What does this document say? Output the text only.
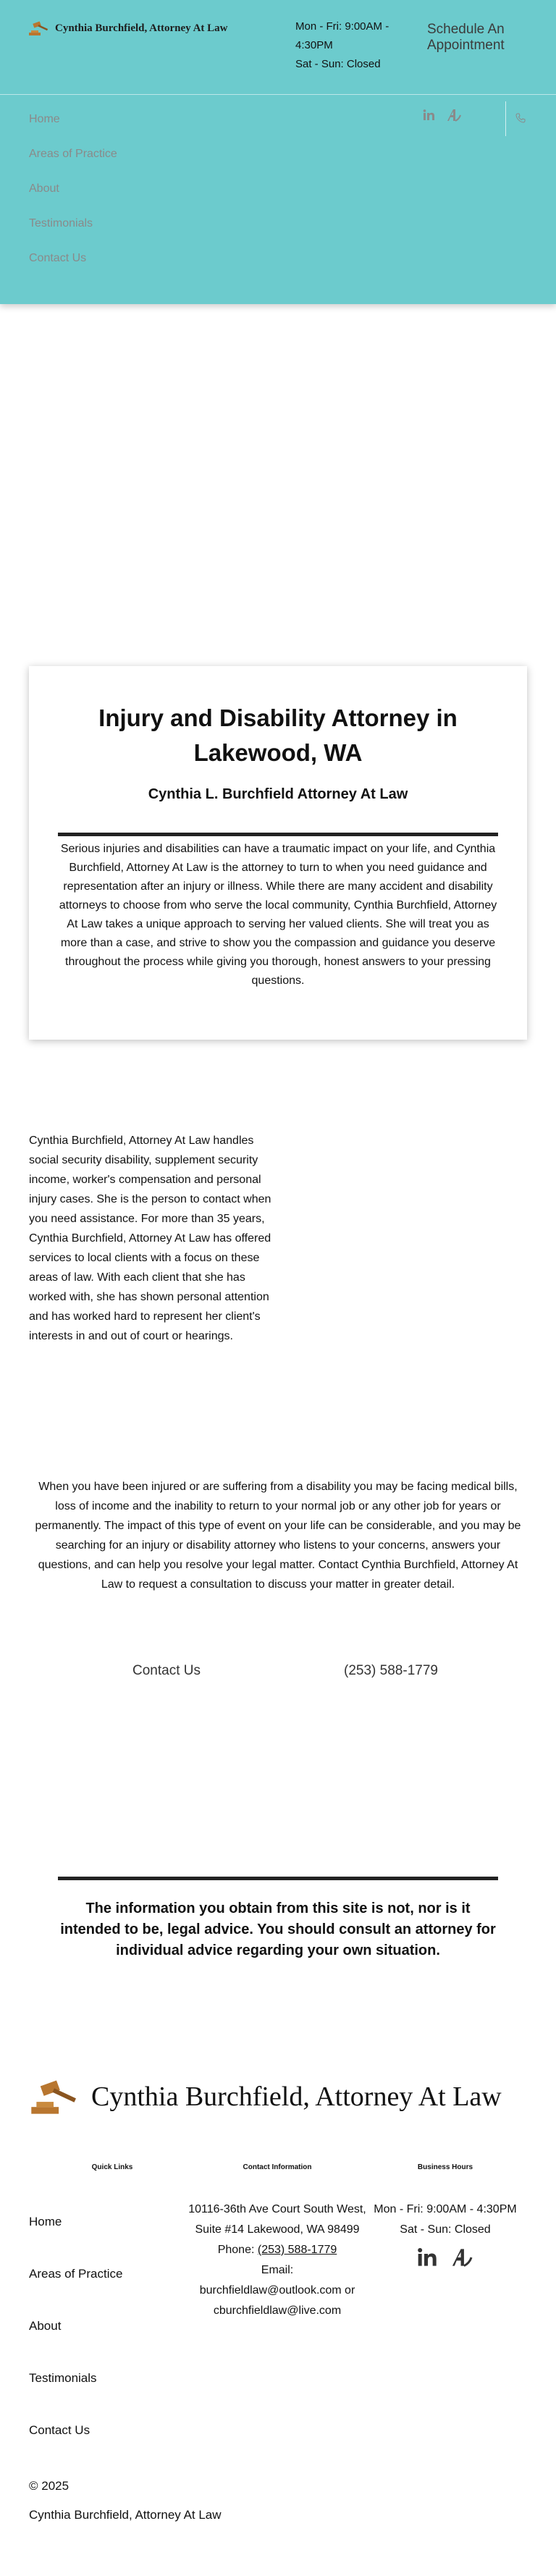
Cynthia Burchfield, Attorney At Law	Mon - Fri: 9:00AM - 4:30PM
Sat - Sun: Closed
Schedule An Appointment
Home
Areas of Practice
About
Testimonials
Contact Us
Injury and Disability Attorney in Lakewood, WA
Cynthia L. Burchfield Attorney At Law

Serious injuries and disabilities can have a traumatic impact on your life, and Cynthia Burchfield, Attorney At Law is the attorney to turn to when you need guidance and representation after an injury or illness. While there are many accident and disability attorneys to choose from who serve the local community, Cynthia Burchfield, Attorney At Law takes a unique approach to serving her valued clients. She will treat you as more than a case, and strive to show you the compassion and guidance you deserve throughout the process while giving you thorough, honest answers to your pressing questions.

Cynthia Burchfield, Attorney At Law handles social security disability, supplement security income, worker's compensation and personal injury cases. She is the person to contact when you need assistance. For more than 35 years, Cynthia Burchfield, Attorney At Law has offered services to local clients with a focus on these areas of law. With each client that she has worked with, she has shown personal attention and has worked hard to represent her client's interests in and out of court or hearings.

When you have been injured or are suffering from a disability you may be facing medical bills, loss of income and the inability to return to your normal job or any other job for years or permanently. The impact of this type of event on your life can be considerable, and you may be searching for an injury or disability attorney who listens to your concerns, answers your questions, and can help you resolve your legal matter. Contact Cynthia Burchfield, Attorney At Law to request a consultation to discuss your matter in greater detail.

Contact Us	(253) 588-1779

The information you obtain from this site is not, nor is it intended to be, legal advice. You should consult an attorney for individual advice regarding your own situation.

Cynthia Burchfield, Attorney At Law
Quick Links	Contact Information	Business Hours
Home
Areas of Practice
About
Testimonials
Contact Us
10116-36th Ave Court South West, Suite #14 Lakewood, WA 98499
Phone: (253) 588-1779
Email:
burchfieldlaw@outlook.com or cburchfieldlaw@live.com
Mon - Fri: 9:00AM - 4:30PM
Sat - Sun: Closed
© 2025
Cynthia Burchfield, Attorney At Law
